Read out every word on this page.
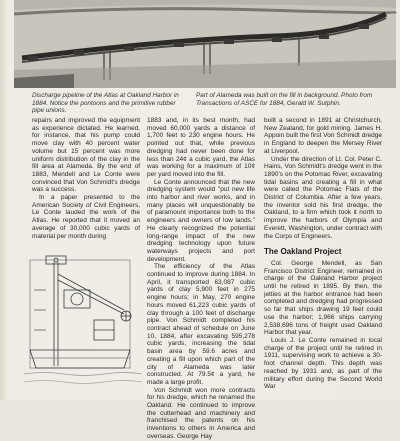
Discharge pipeline of the Atlas at Oakland Harbor in 1884. Notice the pontoons and the primitive rubber pipe unions.
Part of Alameda was built on the fill in background. Photo from Transactions of ASCE for 1884, Gerald W. Sutphin.

repairs and improved the equipment as experience dictated. He learned, for instance, that his pump could move clay with 40 percent water volume but 15 percent was more uniform distribution of the clay in the fill area at Alameda. By the end of 1883, Mendell and Le Conte were convinced that Von Schmidt's dredge was a success.

In a paper presented to the American Society of Civil Engineers, Le Conte lauded the work of the Atlas. He reported that it moved an average of 30,000 cubic yards of material per month during

1883 and, in its best month, had moved 60,000 yards a distance of 1,700 feet to 230 engine hours. He pointed out that, while previous dredging had never been done for less than 24¢ a cubic yard, the Atlas was working for a maximum of 10¢ per yard moved into the fill.

Le Conte announced that the new dredging system would "put new life into harbor and river works, and in many places will unquestionably be of paramount importance both to the engineers and owners of low lands." He clearly recognized the potential long-range impact of the new dredging technology upon future waterways projects and port development.

The efficiency of the Atlas continued to improve during 1884. In April, it transported 63,087 cubic yards of clay 5,900 feet in 275 engine hours; in May, 270 engine hours moved 61,223 cubic yards of clay through a 100 feet of discharge pipe. Von Schmidt completed his contract ahead of schedule on June 10, 1884, after excavating 595,278 cubic yards, increasing the tidal basin area by 59.6 acres and creating a fill upon which part of the city of Alameda was later constructed. At 79.5¢ a yard, he made a large profit.

Von Schmidt won more contracts for his dredge, which he renamed the Oakland. He continued to improve the cutterhead and machinery and franchised the patents on his inventions to others in America and overseas. George Hay

built a second in 1891 at Christchurch, New Zealand, for gold mining. James H. Appoin built the first Von Schmidt dredge in England to deepen the Mersey River at Liverpool.

Under the direction of Lt. Col. Peter C. Hains, Von Schmidt's dredge went in the 1890's on the Potomac River, excavating tidal basins and creating a fill in what were called the Potomac Flats of the District of Columbia. After a few years, the inventor sold his first dredge, the Oakland, to a firm which took it north to improve the harbors of Olympia and Everett, Washington, under contract with the Corps of Engineers.

The Oakland Project

Col. George Mendell, as San Francisco District Engineer, remained in charge of the Oakland Harbor project until he retired in 1895. By then, the jetties at the harbor entrance had been completed and dredging had progressed so far that ships drawing 19 feet could use the harbor; 1,966 ships carrying 2,538,696 tons of freight used Oakland Harbor that year.

Louis J. Le Conte remained in local charge of the project until he retired in 1911, supervising work to achieve a 30-foot channel depth. This depth was reached by 1931 and, as part of the military effort during the Second World War
